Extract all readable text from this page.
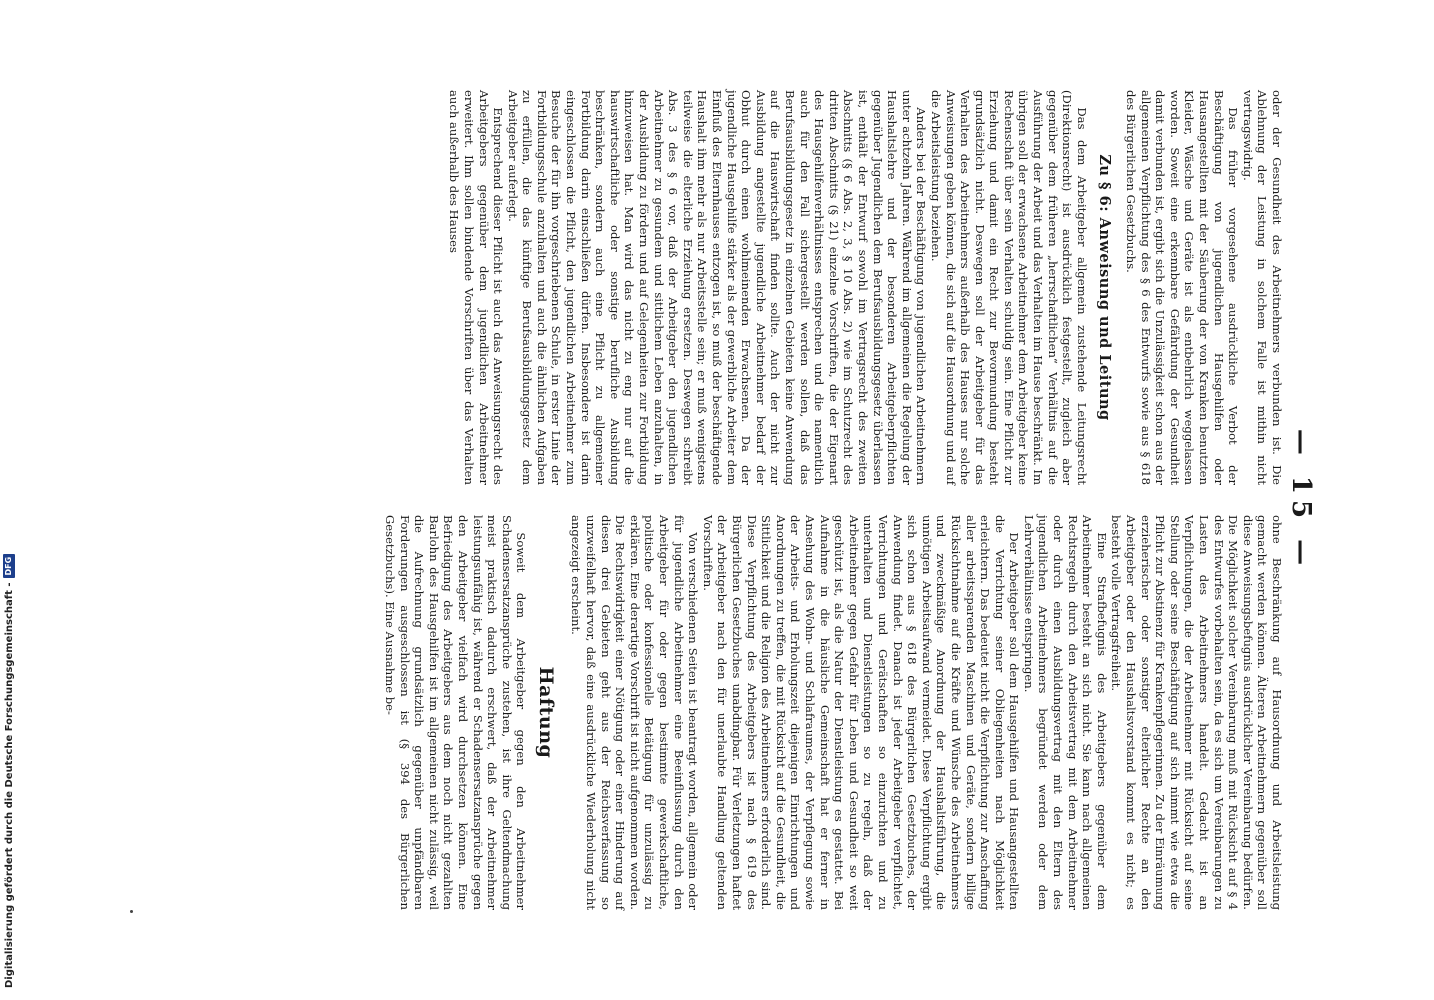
— 15 —

oder der Gesundheit des Arbeitnehmers verbunden ist. Die Ablehnung der Leistung in solchem Falle ist mithin nicht vertragswidrig.

Das früher vorgesehene ausdrückliche Verbot der Beschäftigung von jugendlichen Hausgehilfen oder Hausangestellten mit der Säuberung der von Kranken benutzten Kleider, Wäsche und Geräte ist als entbehrlich weggelassen worden. Soweit eine erkennbare Gefährdung der Gesundheit damit verbunden ist, ergibt sich die Unzulässigkeit schon aus der allgemeinen Verpflichtung des § 6 des Entwurfs sowie aus § 618 des Bürgerlichen Gesetzbuchs.

Zu § 6: Anweisung und Leitung

Das dem Arbeitgeber allgemein zustehende Leitungsrecht (Direktionsrecht) ist ausdrücklich festgestellt, zugleich aber gegenüber dem früheren „herrschaftlichen“ Verhältnis auf die Ausführung der Arbeit und das Verhalten im Hause beschränkt. Im übrigen soll der erwachsene Arbeitnehmer dem Arbeitgeber keine Rechenschaft über sein Verhalten schuldig sein. Eine Pflicht zur Erziehung und damit ein Recht zur Bevormundung besteht grundsätzlich nicht. Deswegen soll der Arbeitgeber für das Verhalten des Arbeitnehmers außerhalb des Hauses nur solche Anweisungen geben können, die sich auf die Hausordnung und auf die Arbeitsleistung beziehen.

Anders bei der Beschäftigung von jugendlichen Arbeitnehmern unter achtzehn Jahren. Während im allgemeinen die Regelung der Haushaltslehre und der besonderen Arbeitgeberpflichten gegenüber Jugendlichen dem Berufsausbildungsgesetz überlassen ist, enthält der Entwurf sowohl im Vertragsrecht des zweiten Abschnitts (§ 6 Abs. 2, 3, § 10 Abs. 2) wie im Schutzrecht des dritten Abschnitts (§ 21) einzelne Vorschriften, die der Eigenart des Hausgehilfenverhältnisses entsprechen und die namentlich auch für den Fall sichergestellt werden sollen, daß das Berufsausbildungsgesetz in einzelnen Gebieten keine Anwendung auf die Hauswirtschaft finden sollte. Auch der nicht zur Ausbildung angestellte jugendliche Arbeitnehmer bedarf der Obhut durch einen wohlmeinenden Erwachsenen. Da der jugendliche Hausgehilfe stärker als der gewerbliche Arbeiter dem Einfluß des Elternhauses entzogen ist, so muß der beschäftigende Haushalt ihm mehr als nur Arbeitsstelle sein; er muß wenigstens teilweise die elterliche Erziehung ersetzen. Deswegen schreibt Abs. 3 des § 6 vor, daß der Arbeitgeber den jugendlichen Arbeitnehmer zu gesundem und sittlichem Leben anzuhalten, in der Ausbildung zu fördern und auf Gelegenheiten zur Fortbildung hinzuweisen hat. Man wird das nicht zu eng nur auf die hauswirtschaftliche oder sonstige berufliche Ausbildung beschränken, sondern auch eine Pflicht zu allgemeiner Fortbildung darin einschließen dürfen. Insbesondere ist darin eingeschlossen die Pflicht, den jugendlichen Arbeitnehmer zum Besuche der für ihn vorgeschriebenen Schule, in erster Linie der Fortbildungsschule anzuhalten und auch die ähnlichen Aufgaben zu erfüllen, die das künftige Berufsausbildungsgesetz dem Arbeitgeber auferlegt.

Entsprechend dieser Pflicht ist auch das Anweisungsrecht des Arbeitgebers gegenüber dem jugendlichen Arbeitnehmer erweitert. Ihm sollen bindende Vorschriften über das Verhalten auch außerhalb des Hauses

ohne Beschränkung auf Hausordnung und Arbeitsleistung gemacht werden können. Älteren Arbeitnehmern gegenüber soll diese Anweisungsbefugnis ausdrücklicher Vereinbarung bedürfen. Die Möglichkeit solcher Vereinbarung muß mit Rücksicht auf § 4 des Entwurfes vorbehalten sein, da es sich um Vereinbarungen zu Lasten des Arbeitnehmers handelt. Gedacht ist an Verpflichtungen, die der Arbeitnehmer mit Rücksicht auf seine Stellung oder seine Beschäftigung auf sich nimmt wie etwa die Pflicht zur Abstinenz für Krankenpflegerinnen. Zu der Einräumung erzieherischer oder sonstiger elterlicher Rechte an den Arbeitgeber oder den Haushaltsvorstand kommt es nicht; es besteht volle Vertragsfreiheit.

Eine Strafbefugnis des Arbeitgebers gegenüber dem Arbeitnehmer besteht an sich nicht. Sie kann nach allgemeinen Rechtsregeln durch den Arbeitsvertrag mit dem Arbeitnehmer oder durch einen Ausbildungsvertrag mit den Eltern des jugendlichen Arbeitnehmers begründet werden oder dem Lehrverhältnisse entspringen.

Der Arbeitgeber soll dem Hausgehilfen und Hausangestellten die Verrichtung seiner Obliegenheiten nach Möglichkeit erleichtern. Das bedeutet nicht die Verpflichtung zur Anschaffung aller arbeitssparenden Maschinen und Geräte, sondern billige Rücksichtnahme auf die Kräfte und Wünsche des Arbeitnehmers und zweckmäßige Anordnung der Haushaltsführung, die unnötigen Arbeitsaufwand vermeidet. Diese Verpflichtung ergibt sich schon aus § 618 des Bürgerlichen Gesetzbuches, der Anwendung findet. Danach ist jeder Arbeitgeber verpflichtet, Verrichtungen und Gerätschaften so einzurichten und zu unterhalten und Dienstleistungen so zu regeln, daß der Arbeitnehmer gegen Gefahr für Leben und Gesundheit so weit geschützt ist, als die Natur der Dienstleistung es gestattet. Bei Aufnahme in die häusliche Gemeinschaft hat er ferner in Ansehung des Wohn- und Schlafraumes, der Verpflegung sowie der Arbeits- und Erholungszeit diejenigen Einrichtungen und Anordnungen zu treffen, die mit Rücksicht auf die Gesundheit, die Sittlichkeit und die Religion des Arbeitnehmers erforderlich sind. Diese Verpflichtung des Arbeitgebers ist nach § 619 des Bürgerlichen Gesetzbuches unabdingbar. Für Verletzungen haftet der Arbeitgeber nach den für unerlaubte Handlung geltenden Vorschriften.

Von verschiedenen Seiten ist beantragt worden, allgemein oder für jugendliche Arbeitnehmer eine Beeinflussung durch den Arbeitgeber für oder gegen bestimmte gewerkschaftliche, politische oder konfessionelle Betätigung für unzulässig zu erklären. Eine derartige Vorschrift ist nicht aufgenommen worden. Die Rechtswidrigkeit einer Nötigung oder einer Hinderung auf diesen drei Gebieten geht aus der Reichsverfassung so unzweifelhaft hervor, daß eine ausdrückliche Wiederholung nicht angezeigt erscheint.

Haftung

Soweit dem Arbeitgeber gegen den Arbeitnehmer Schadensersatzansprüche zustehen, ist ihre Geltendmachung meist praktisch dadurch erschwert, daß der Arbeitnehmer leistungsunfähig ist, während er Schadensersatzansprüche gegen den Arbeitgeber vielfach wird durchsetzen können. Eine Befriedigung des Arbeitgebers aus dem noch nicht gezahlten Barlohn des Hausgehilfen ist im allgemeinen nicht zulässig, weil die Aufrechnung grundsätzlich gegenüber unpfändbaren Forderungen ausgeschlossen ist (§ 394 des Bürgerlichen Gesetzbuchs). Eine Ausnahme be-

Digitalisierung gefördert durch die Deutsche Forschungsgemeinschaft -
DFG
